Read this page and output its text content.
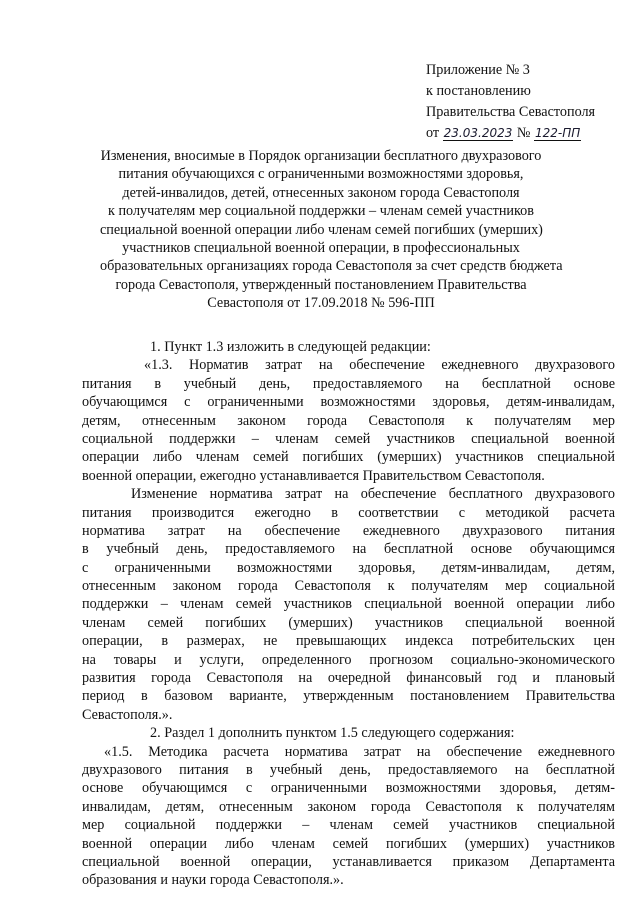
Приложение № 3
к постановлению
Правительства Севастополя
от 23.03.2023 № 122-ПП
Изменения, вносимые в Порядок организации бесплатного двухразового
питания обучающихся с ограниченными возможностями здоровья,
детей-инвалидов, детей, отнесенных законом города Севастополя
к получателям мер социальной поддержки – членам семей участников
специальной военной операции либо членам семей погибших (умерших)
участников специальной военной операции, в профессиональных
образовательных организациях города Севастополя за счет средств бюджета
города Севастополя, утвержденный постановлением Правительства
Севастополя от 17.09.2018 № 596-ПП
1. Пункт 1.3 изложить в следующей редакции:
«1.3. Норматив затрат на обеспечение ежедневного двухразового
питания в учебный день, предоставляемого на бесплатной основе
обучающимся с ограниченными возможностями здоровья, детям-инвалидам,
детям, отнесенным законом города Севастополя к получателям мер
социальной поддержки – членам семей участников специальной военной
операции либо членам семей погибших (умерших) участников специальной
военной операции, ежегодно устанавливается Правительством Севастополя.
Изменение норматива затрат на обеспечение бесплатного двухразового
питания производится ежегодно в соответствии с методикой расчета
норматива затрат на обеспечение ежедневного двухразового питания
в учебный день, предоставляемого на бесплатной основе обучающимся
с ограниченными возможностями здоровья, детям-инвалидам, детям,
отнесенным законом города Севастополя к получателям мер социальной
поддержки – членам семей участников специальной военной операции либо
членам семей погибших (умерших) участников специальной военной
операции, в размерах, не превышающих индекса потребительских цен
на товары и услуги, определенного прогнозом социально-экономического
развития города Севастополя на очередной финансовый год и плановый
период в базовом варианте, утвержденным постановлением Правительства
Севастополя.».
2. Раздел 1 дополнить пунктом 1.5 следующего содержания:
«1.5. Методика расчета норматива затрат на обеспечение ежедневного
двухразового питания в учебный день, предоставляемого на бесплатной
основе обучающимся с ограниченными возможностями здоровья, детям-
инвалидам, детям, отнесенным законом города Севастополя к получателям
мер социальной поддержки – членам семей участников специальной
военной операции либо членам семей погибших (умерших) участников
специальной военной операции, устанавливается приказом Департамента
образования и науки города Севастополя.».
